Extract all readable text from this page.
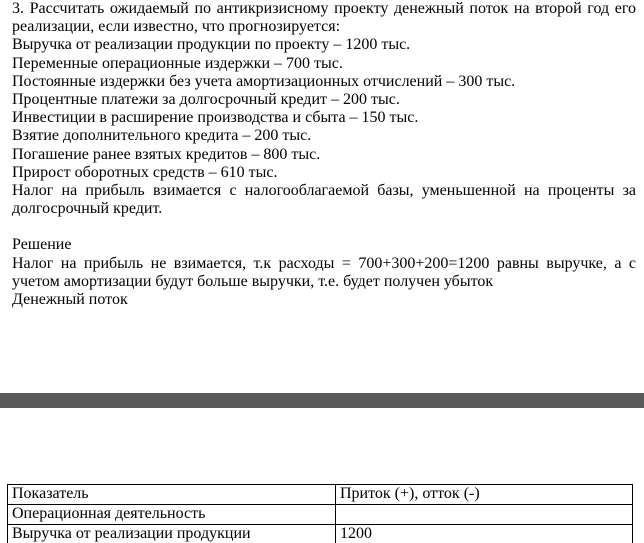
3. Рассчитать ожидаемый по антикризисному проекту денежный поток на второй год его реализации, если известно, что прогнозируется:

Выручка от реализации продукции по проекту – 1200 тыс.

Переменные операционные издержки – 700 тыс.

Постоянные издержки без учета амортизационных отчислений – 300 тыс.

Процентные платежи за долгосрочный кредит – 200 тыс.

Инвестиции в расширение производства и сбыта – 150 тыс.

Взятие дополнительного кредита – 200 тыс.

Погашение ранее взятых кредитов – 800 тыс.

Прирост оборотных средств – 610 тыс.

Налог на прибыль взимается с налогооблагаемой базы, уменьшенной на проценты за долгосрочный кредит.

Решение

Налог на прибыль не взимается, т.к расходы = 700+300+200=1200 равны выручке, а с учетом амортизации будут больше выручки, т.е. будет получен убыток

Денежный поток

Показатель	Приток (+), отток (-)
Операционная деятельность	
Выручка от реализации продукции	1200
